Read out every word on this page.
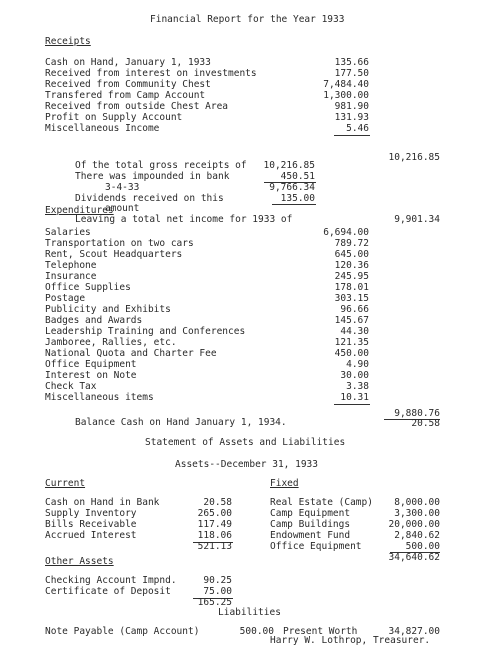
Financial Report for the Year 1933
Receipts
Cash on Hand, January 1, 1933	135.66
Received from interest on investments	177.50
Received from Community Chest	7,484.40
Transfered from Camp Account	1,300.00
Received from outside Chest Area	981.90
Profit on Supply Account	131.93
Miscellaneous Income	5.46
10,216.85
Of the total gross receipts of	10,216.85
There was impounded in bank	450.51
3-4-33	9,766.34
Dividends received on this	135.00
amount
Leaving a total net income for 1933 of	9,901.34
Expenditures
Salaries	6,694.00
Transportation on two cars	789.72
Rent, Scout Headquarters	645.00
Telephone	120.36
Insurance	245.95
Office Supplies	178.01
Postage	303.15
Publicity and Exhibits	96.66
Badges and Awards	145.67
Leadership Training and Conferences	44.30
Jamboree, Rallies, etc.	121.35
National Quota and Charter Fee	450.00
Office Equipment	4.90
Interest on Note	30.00
Check Tax	3.38
Miscellaneous items	10.31
9,880.76
Balance Cash on Hand January 1, 1934.	20.58
Statement of Assets and Liabilities
Assets--December 31, 1933
Current
Cash on Hand in Bank	20.58
Supply Inventory	265.00
Bills Receivable	117.49
Accrued Interest	118.06
521.13
Other Assets
Checking Account Impnd.	90.25
Certificate of Deposit	75.00
165.25
Fixed
Real Estate (Camp)	8,000.00
Camp Equipment	3,300.00
Camp Buildings	20,000.00
Endowment Fund	2,840.62
Office Equipment	500.00
34,640.62
Liabilities
Note Payable (Camp Account)	500.00 Present Worth	34,827.00
Harry W. Lothrop, Treasurer.
